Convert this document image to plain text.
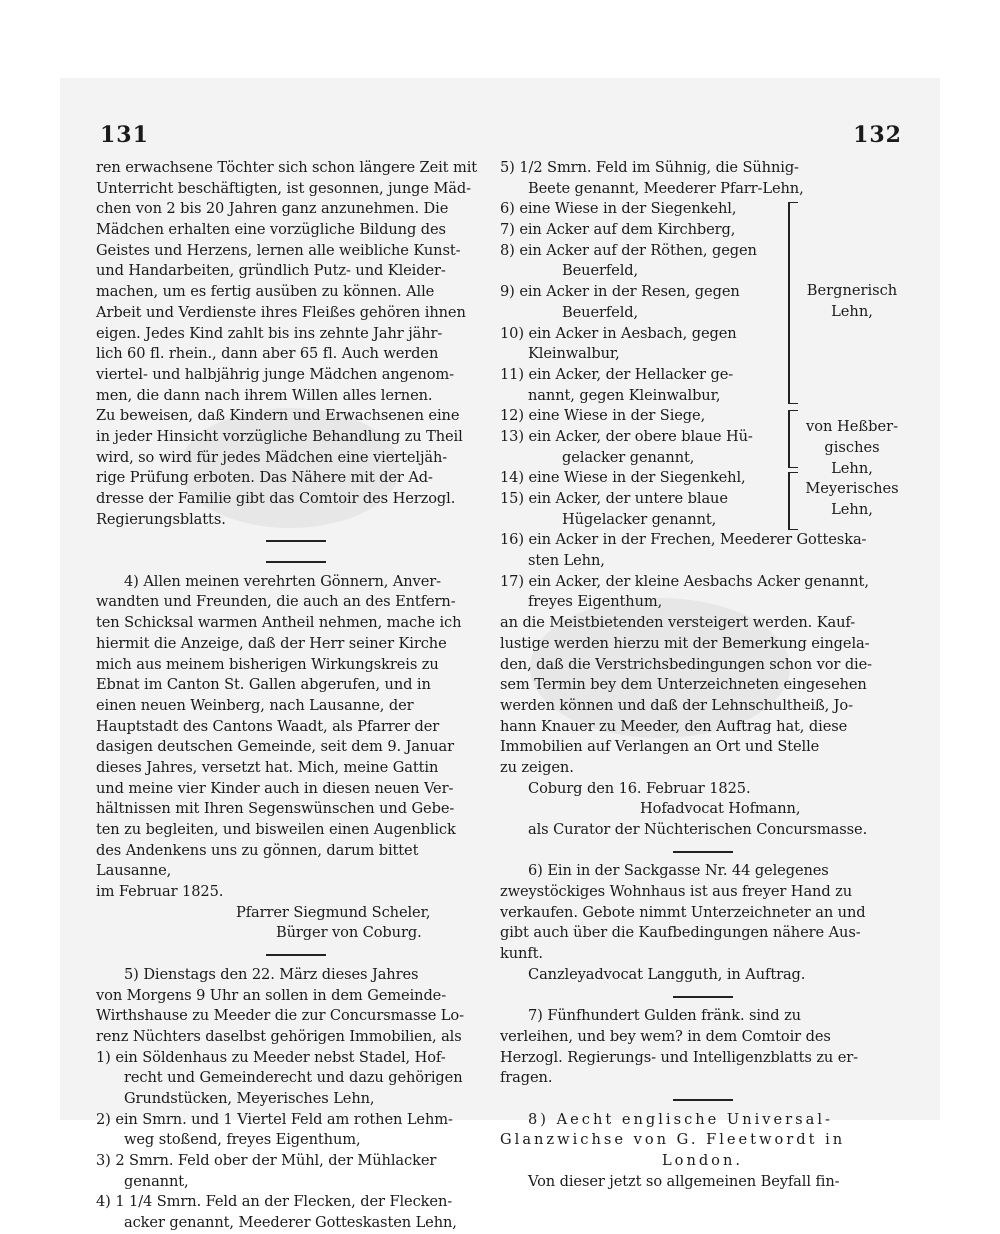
131	132
ren erwachsene Töchter sich schon längere Zeit mit
Unterricht beschäftigten, ist gesonnen, junge Mäd-
chen von 2 bis 20 Jahren ganz anzunehmen. Die
Mädchen erhalten eine vorzügliche Bildung des
Geistes und Herzens, lernen alle weibliche Kunst-
und Handarbeiten, gründlich Putz- und Kleider-
machen, um es fertig ausüben zu können. Alle
Arbeit und Verdienste ihres Fleißes gehören ihnen
eigen. Jedes Kind zahlt bis ins zehnte Jahr jähr-
lich 60 fl. rhein., dann aber 65 fl. Auch werden
viertel- und halbjährig junge Mädchen angenom-
men, die dann nach ihrem Willen alles lernen.
Zu beweisen, daß Kindern und Erwachsenen eine
in jeder Hinsicht vorzügliche Behandlung zu Theil
wird, so wird für jedes Mädchen eine vierteljäh-
rige Prüfung erboten. Das Nähere mit der Ad-
dresse der Familie gibt das Comtoir des Herzogl.
Regierungsblatts.
4) Allen meinen verehrten Gönnern, Anver-
wandten und Freunden, die auch an des Entfern-
ten Schicksal warmen Antheil nehmen, mache ich
hiermit die Anzeige, daß der Herr seiner Kirche
mich aus meinem bisherigen Wirkungskreis zu
Ebnat im Canton St. Gallen abgerufen, und in
einen neuen Weinberg, nach Lausanne, der
Hauptstadt des Cantons Waadt, als Pfarrer der
dasigen deutschen Gemeinde, seit dem 9. Januar
dieses Jahres, versetzt hat. Mich, meine Gattin
und meine vier Kinder auch in diesen neuen Ver-
hältnissen mit Ihren Segenswünschen und Gebe-
ten zu begleiten, und bisweilen einen Augenblick
des Andenkens uns zu gönnen, darum bittet
Lausanne,
im Februar 1825.
Pfarrer Siegmund Scheler,
Bürger von Coburg.
5) Dienstags den 22. März dieses Jahres
von Morgens 9 Uhr an sollen in dem Gemeinde-
Wirthshause zu Meeder die zur Concursmasse Lo-
renz Nüchters daselbst gehörigen Immobilien, als
1) ein Söldenhaus zu Meeder nebst Stadel, Hof-
recht und Gemeinderecht und dazu gehörigen
Grundstücken, Meyerisches Lehn,
2) ein Smrn. und 1 Viertel Feld am rothen Lehm-
weg stoßend, freyes Eigenthum,
3) 2 Smrn. Feld ober der Mühl, der Mühlacker
genannt,
4) 1 1/4 Smrn. Feld an der Flecken, der Flecken-
acker genannt, Meederer Gotteskasten Lehn,
5) 1/2 Smrn. Feld im Sühnig, die Sühnig-
Beete genannt, Meederer Pfarr-Lehn,
6) eine Wiese in der Siegenkehl,
7) ein Acker auf dem Kirchberg,
8) ein Acker auf der Röthen, gegen
Beuerfeld,
9) ein Acker in der Resen, gegen
Beuerfeld,
10) ein Acker in Aesbach, gegen
Kleinwalbur,
11) ein Acker, der Hellacker ge-
nannt, gegen Kleinwalbur,
12) eine Wiese in der Siege,
13) ein Acker, der obere blaue Hü-
gelacker genannt,
14) eine Wiese in der Siegenkehl,
15) ein Acker, der untere blaue
Hügelacker genannt,
Bergnerisch
Lehn,
von Heßber-
gisches Lehn,
Meyerisches
Lehn,
16) ein Acker in der Frechen, Meederer Gotteska-
sten Lehn,
17) ein Acker, der kleine Aesbachs Acker genannt,
freyes Eigenthum,
an die Meistbietenden versteigert werden. Kauf-
lustige werden hierzu mit der Bemerkung eingela-
den, daß die Verstrichsbedingungen schon vor die-
sem Termin bey dem Unterzeichneten eingesehen
werden können und daß der Lehnschultheiß, Jo-
hann Knauer zu Meeder, den Auftrag hat, diese
Immobilien auf Verlangen an Ort und Stelle
zu zeigen.
Coburg den 16. Februar 1825.
Hofadvocat Hofmann,
als Curator der Nüchterischen Concursmasse.
6) Ein in der Sackgasse Nr. 44 gelegenes
zweystöckiges Wohnhaus ist aus freyer Hand zu
verkaufen. Gebote nimmt Unterzeichneter an und
gibt auch über die Kaufbedingungen nähere Aus-
kunft.
Canzleyadvocat Langguth, in Auftrag.
7) Fünfhundert Gulden fränk. sind zu
verleihen, und bey wem? in dem Comtoir des
Herzogl. Regierungs- und Intelligenzblatts zu er-
fragen.
8) Aecht englische Universal-
Glanzwichse von G. Fleetwordt in
London.
Von dieser jetzt so allgemeinen Beyfall fin-
